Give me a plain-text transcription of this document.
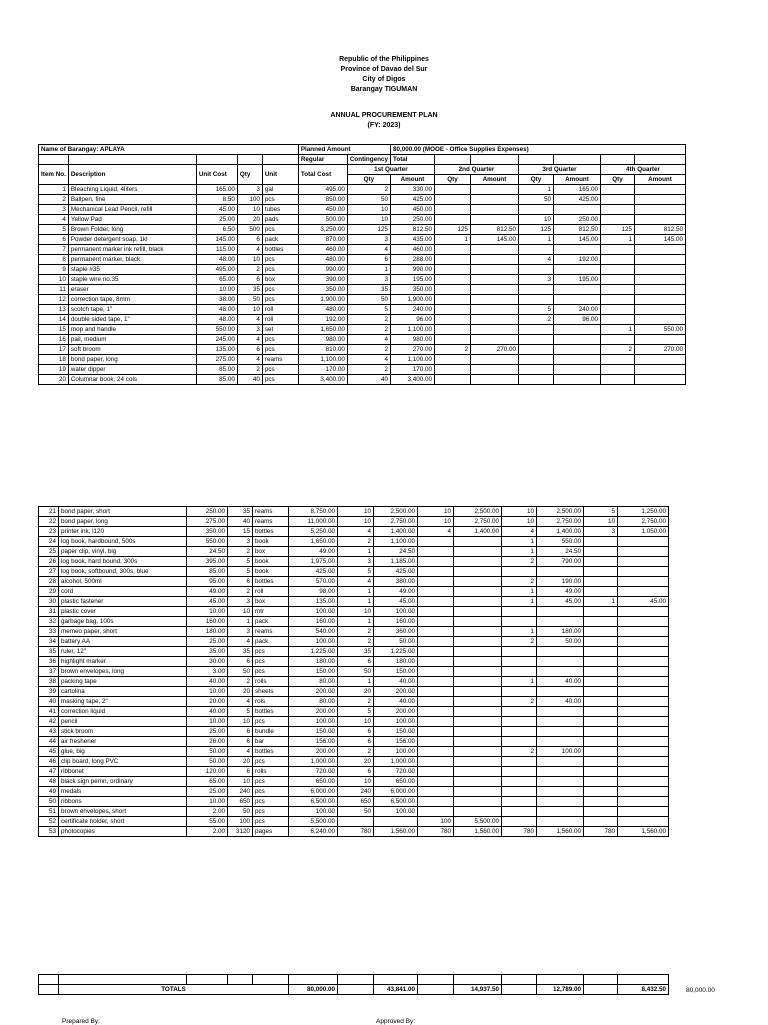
Republic of the Philippines
Province of Davao del Sur
City of Digos
Barangay TIGUMAN
ANNUAL PROCUREMENT PLAN
(FY: 2023)
Name of Barangay: APLAYA					Planned Amount		80,000.00 (MOOE - Office Supplies Expenses)						
					Regular	Contingency	Total						
Item No.	Description	Unit Cost	Qty	Unit	Total Cost	1st Quarter		2nd Quarter		3rd Quarter		4th Quarter	
						Qty	Amount	Qty	Amount	Qty	Amount	Qty	Amount
1	Bleaching Liquid, 4liters	165.00	3	gal	495.00	2	330.00			1	165.00		
2	Ballpen, fine	8.50	100	pcs	850.00	50	425.00			50	425.00		
3	Mechanical Lead Pencil, refill	45.00	10	tubes	450.00	10	450.00						
4	Yellow Pad	25.00	20	pads	500.00	10	250.00			10	250.00		
5	Brown Folder, long	6.50	500	pcs	3,250.00	125	812.50	125	812.50	125	812.50	125	812.50
6	Powder detergent soap, 1kl	145.00	6	pack	870.00	3	435.00	1	145.00	1	145.00	1	145.00
7	permanent marker ink refill, black	115.00	4	bottles	460.00	4	460.00						
8	permanent marker, black	48.00	10	pcs	480.00	6	288.00			4	192.00		
9	staple #35	495.00	2	pcs	990.00	1	990.00						
10	staple wire no.35	65.00	6	box	390.00	3	195.00			3	195.00		
11	eraser	10.00	35	pcs	350.00	35	350.00						
12	correction tape, 8mm	38.00	50	pcs	1,900.00	50	1,900.00						
13	scotch tape, 1"	48.00	10	roll	480.00	5	240.00			5	240.00		
14	double sided tape, 1"	48.00	4	roll	192.00	2	96.00			2	96.00		
15	mop and handle	550.00	3	set	1,650.00	2	1,100.00					1	550.00
16	pail, medium	245.00	4	pcs	980.00	4	980.00						
17	soft broom	135.00	6	pcs	810.00	2	270.00	2	270.00			2	270.00
18	bond paper, long	275.00	4	reams	1,100.00	4	1,100.00						
19	water dipper	85.00	2	pcs	170.00	2	170.00						
20	Columnar book, 24 cols	85.00	40	pcs	3,400.00	40	3,400.00						
21	bond paper, short	250.00	35	reams	8,750.00	10	2,500.00	10	2,500.00	10	2,500.00	5	1,250.00
22	bond paper, long	275.00	40	reams	11,000.00	10	2,750.00	10	2,750.00	10	2,750.00	10	2,750.00
23	printer ink, l120	350.00	15	bottles	5,250.00	4	1,400.00	4	1,400.00	4	1,400.00	3	1,050.00
24	log book, hardbound, 500s	550.00	3	book	1,650.00	2	1,100.00			1	550.00		
25	paper clip, vinyl, big	24.50	2	box	49.00	1	24.50			1	24.50		
26	log book, hard bound, 300s	395.00	5	book	1,975.00	3	1,185.00			2	790.00		
27	log book, softbound, 300s, blue	85.00	5	book	425.00	5	425.00						
28	alcohol, 500ml	95.00	6	bottles	570.00	4	380.00			2	190.00		
29	cord	49.00	2	roll	98.00	1	49.00			1	49.00		
30	plastic fastener	45.00	3	box	135.00	1	45.00			1	45.00	1	45.00
31	plastic cover	10.00	10	mtr	100.00	10	100.00						
32	garbage bag, 100s	160.00	1	pack	160.00	1	160.00						
33	memeo paper, short	180.00	3	reams	540.00	2	360.00			1	180.00		
34	battery AA	25.00	4	pack	100.00	2	50.00			2	50.00		
35	ruler, 12"	35.00	35	pcs	1,225.00	35	1,225.00						
36	highlight marker	30.00	6	pcs	180.00	6	180.00						
37	brown envelopes, long	3.00	50	pcs	150.00	50	150.00						
38	packing tape	40.00	2	rolls	80.00	1	40.00			1	40.00		
39	cartolina	10.00	20	sheets	200.00	20	200.00						
40	masking tape, 2"	20.00	4	rols	80.00	2	40.00			2	40.00		
41	correction liquid	40.00	5	bottles	200.00	5	200.00						
42	pencil	10.00	10	pcs	100.00	10	100.00						
43	stick broom	25.00	6	bundle	150.00	6	150.00						
44	air freshener	26.00	6	bar	156.00	6	156.00						
45	glue, big	50.00	4	bottles	200.00	2	100.00			2	100.00		
46	clip board, long PVC	50.00	20	pcs	1,000.00	20	1,000.00						
47	ribbonet	120.00	6	rolls	720.00	6	720.00						
48	black sign pemn, ordinary	65.00	10	pcs	650.00	10	650.00						
49	medals	25.00	240	pcs	6,000.00	240	6,000.00						
50	ribbons	10.00	650	pcs	6,500.00	650	6,500.00						
51	brown envelopes, short	2.00	50	pcs	100.00	50	100.00						
52	certificate holder, short	55.00	100	pcs	5,500.00			100	5,500.00				
53	photocopies	2.00	3120	pages	6,240.00	780	1,560.00	780	1,560.00	780	1,560.00	780	1,560.00

	TOTALS				80,000.00		43,841.00		14,937.50		12,789.00		8,432.50	80,000.00
Prepared By:	Approved By:
